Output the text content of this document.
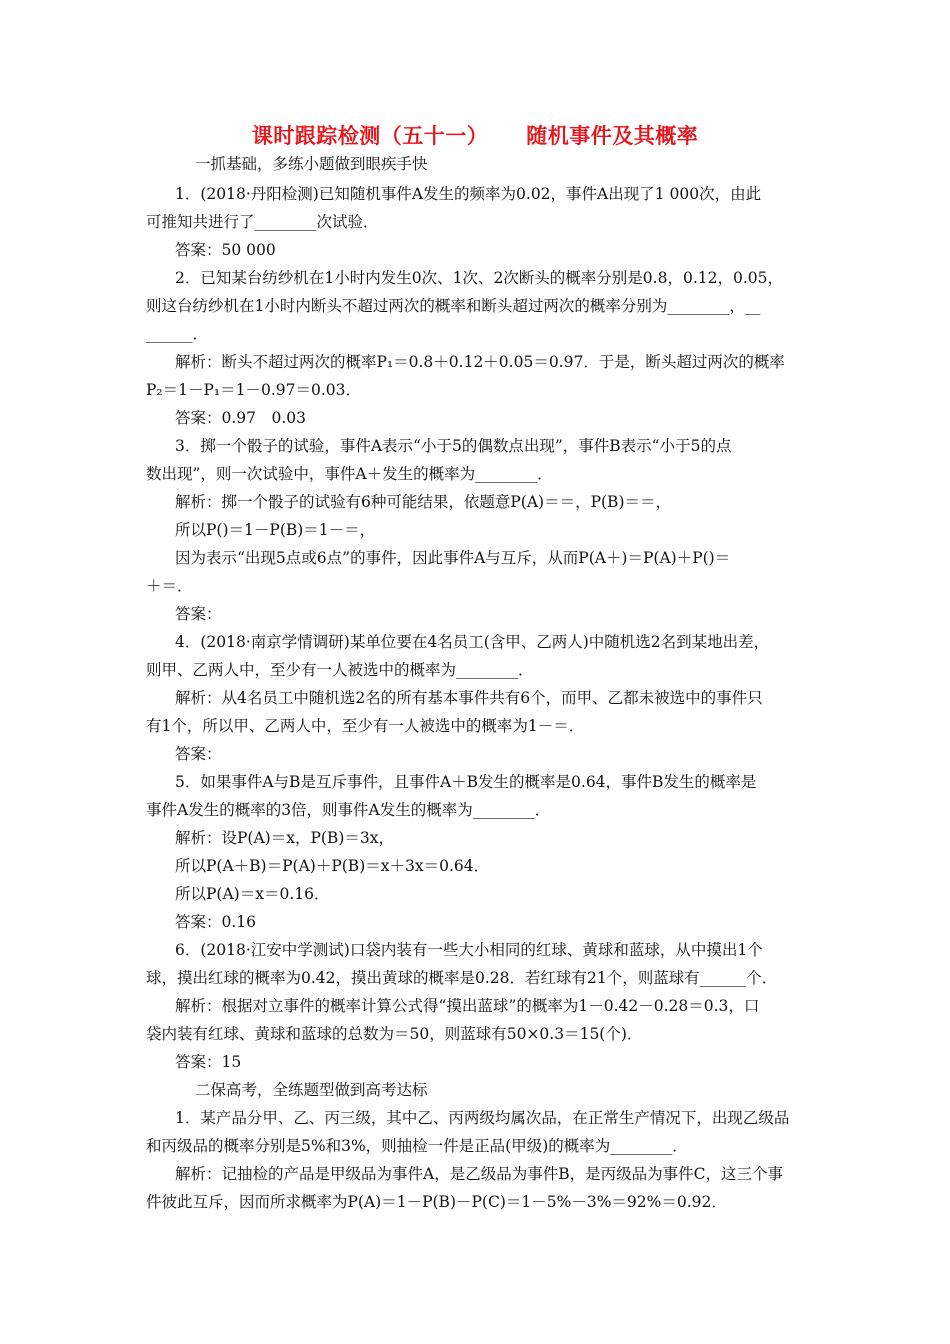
课时跟踪检测（五十一） 随机事件及其概率
一抓基础，多练小题做到眼疾手快
1．(2018·丹阳检测)已知随机事件A发生的频率为0.02，事件A出现了1 000次，由此
可推知共进行了________次试验．
答案：50 000
2．已知某台纺纱机在1小时内发生0次、1次、2次断头的概率分别是0.8，0.12，0.05，
则这台纺纱机在1小时内断头不超过两次的概率和断头超过两次的概率分别为________，__
______．
解析：断头不超过两次的概率P₁＝0.8＋0.12＋0.05＝0.97．于是，断头超过两次的概率
P₂＝1－P₁＝1－0.97＝0.03．
答案：0.97　0.03
3．掷一个骰子的试验，事件A表示“小于5的偶数点出现”，事件B表示“小于5的点
数出现”，则一次试验中，事件A＋发生的概率为________．
解析：掷一个骰子的试验有6种可能结果，依题意P(A)＝＝，P(B)＝＝，
所以P()＝1－P(B)＝1－＝，
因为表示“出现5点或6点”的事件，因此事件A与互斥，从而P(A＋)＝P(A)＋P()＝
＋＝．
答案：
4．(2018·南京学情调研)某单位要在4名员工(含甲、乙两人)中随机选2名到某地出差，
则甲、乙两人中，至少有一人被选中的概率为________．
解析：从4名员工中随机选2名的所有基本事件共有6个，而甲、乙都未被选中的事件只
有1个，所以甲、乙两人中，至少有一人被选中的概率为1－＝．
答案：
5．如果事件A与B是互斥事件，且事件A＋B发生的概率是0.64，事件B发生的概率是
事件A发生的概率的3倍，则事件A发生的概率为________．
解析：设P(A)＝x，P(B)＝3x，
所以P(A＋B)＝P(A)＋P(B)＝x＋3x＝0.64．
所以P(A)＝x＝0.16．
答案：0.16
6．(2018·江安中学测试)口袋内装有一些大小相同的红球、黄球和蓝球，从中摸出1个
球，摸出红球的概率为0.42，摸出黄球的概率是0.28．若红球有21个，则蓝球有______个．
解析：根据对立事件的概率计算公式得“摸出蓝球”的概率为1－0.42－0.28＝0.3，口
袋内装有红球、黄球和蓝球的总数为＝50，则蓝球有50×0.3＝15(个)．
答案：15
二保高考，全练题型做到高考达标
1．某产品分甲、乙、丙三级，其中乙、丙两级均属次品，在正常生产情况下，出现乙级品
和丙级品的概率分别是5%和3%，则抽检一件是正品(甲级)的概率为________．
解析：记抽检的产品是甲级品为事件A，是乙级品为事件B，是丙级品为事件C，这三个事
件彼此互斥，因而所求概率为P(A)＝1－P(B)－P(C)＝1－5%－3%＝92%＝0.92．
